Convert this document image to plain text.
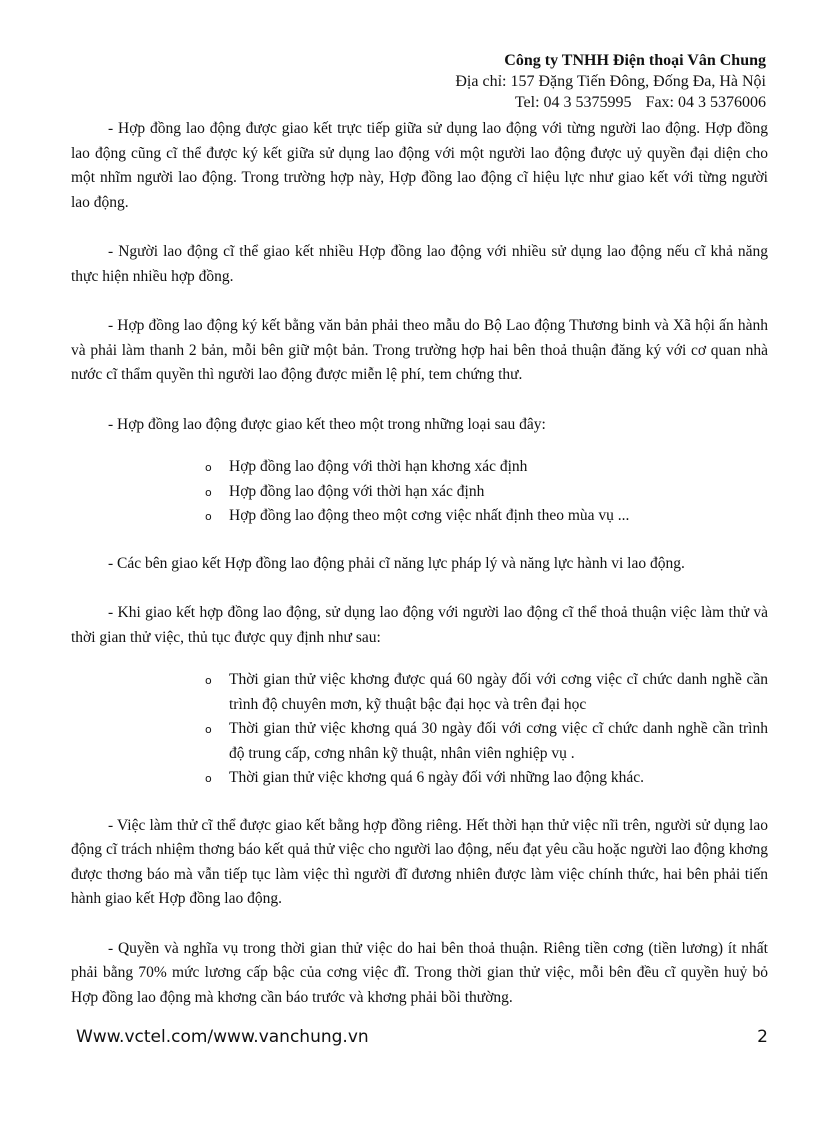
Công ty TNHH Điện thoại Vân Chung
Địa chỉ: 157 Đặng Tiến Đông, Đống Đa, Hà Nội
Tel: 04 3 5375995 Fax: 04 3 5376006

- Hợp đồng lao động được giao kết trực tiếp giữa sử dụng lao động với từng người lao động. Hợp đồng lao động cũng cĩ thể được ký kết giữa sử dụng lao động với một người lao động được uỷ quyền đại diện cho một nhĩm người lao động. Trong trường hợp này, Hợp đồng lao động cĩ hiệu lực như giao kết với từng người lao động.

- Người lao động cĩ thể giao kết nhiều Hợp đồng lao động với nhiều sử dụng lao động nếu cĩ khả năng thực hiện nhiều hợp đồng.

- Hợp đồng lao động ký kết bằng văn bản phải theo mẫu do Bộ Lao động Thương binh và Xã hội ấn hành và phải làm thanh 2 bản, mỗi bên giữ một bản. Trong trường hợp hai bên thoả thuận đăng ký với cơ quan nhà nước cĩ thẩm quyền thì người lao động được miễn lệ phí, tem chứng thư.

- Hợp đồng lao động được giao kết theo một trong những loại sau đây:

o Hợp đồng lao động với thời hạn khơng xác định
o Hợp đồng lao động với thời hạn xác định
o Hợp đồng lao động theo một cơng việc nhất định theo mùa vụ ...

- Các bên giao kết Hợp đồng lao động phải cĩ năng lực pháp lý và năng lực hành vi lao động.

- Khi giao kết hợp đồng lao động, sử dụng lao động với người lao động cĩ thể thoả thuận việc làm thử và thời gian thử việc, thủ tục được quy định như sau:

o Thời gian thử việc khơng được quá 60 ngày đối với cơng việc cĩ chức danh nghề cần trình độ chuyên mơn, kỹ thuật bậc đại học và trên đại học
o Thời gian thử việc khơng quá 30 ngày đối với cơng việc cĩ chức danh nghề cần trình độ trung cấp, cơng nhân kỹ thuật, nhân viên nghiệp vụ .
o Thời gian thử việc khơng quá 6 ngày đối với những lao động khác.

- Việc làm thử cĩ thể được giao kết bằng hợp đồng riêng. Hết thời hạn thử việc nĩi trên, người sử dụng lao động cĩ trách nhiệm thơng báo kết quả thử việc cho người lao động, nếu đạt yêu cầu hoặc người lao động khơng được thơng báo mà vẫn tiếp tục làm việc thì người đĩ đương nhiên được làm việc chính thức, hai bên phải tiến hành giao kết Hợp đồng lao động.

- Quyền và nghĩa vụ trong thời gian thử việc do hai bên thoả thuận. Riêng tiền cơng (tiền lương) ít nhất phải bằng 70% mức lương cấp bậc của cơng việc đĩ. Trong thời gian thử việc, mỗi bên đều cĩ quyền huỷ bỏ Hợp đồng lao động mà khơng cần báo trước và khơng phải bồi thường.

Www.vctel.com/www.vanchung.vn	2
